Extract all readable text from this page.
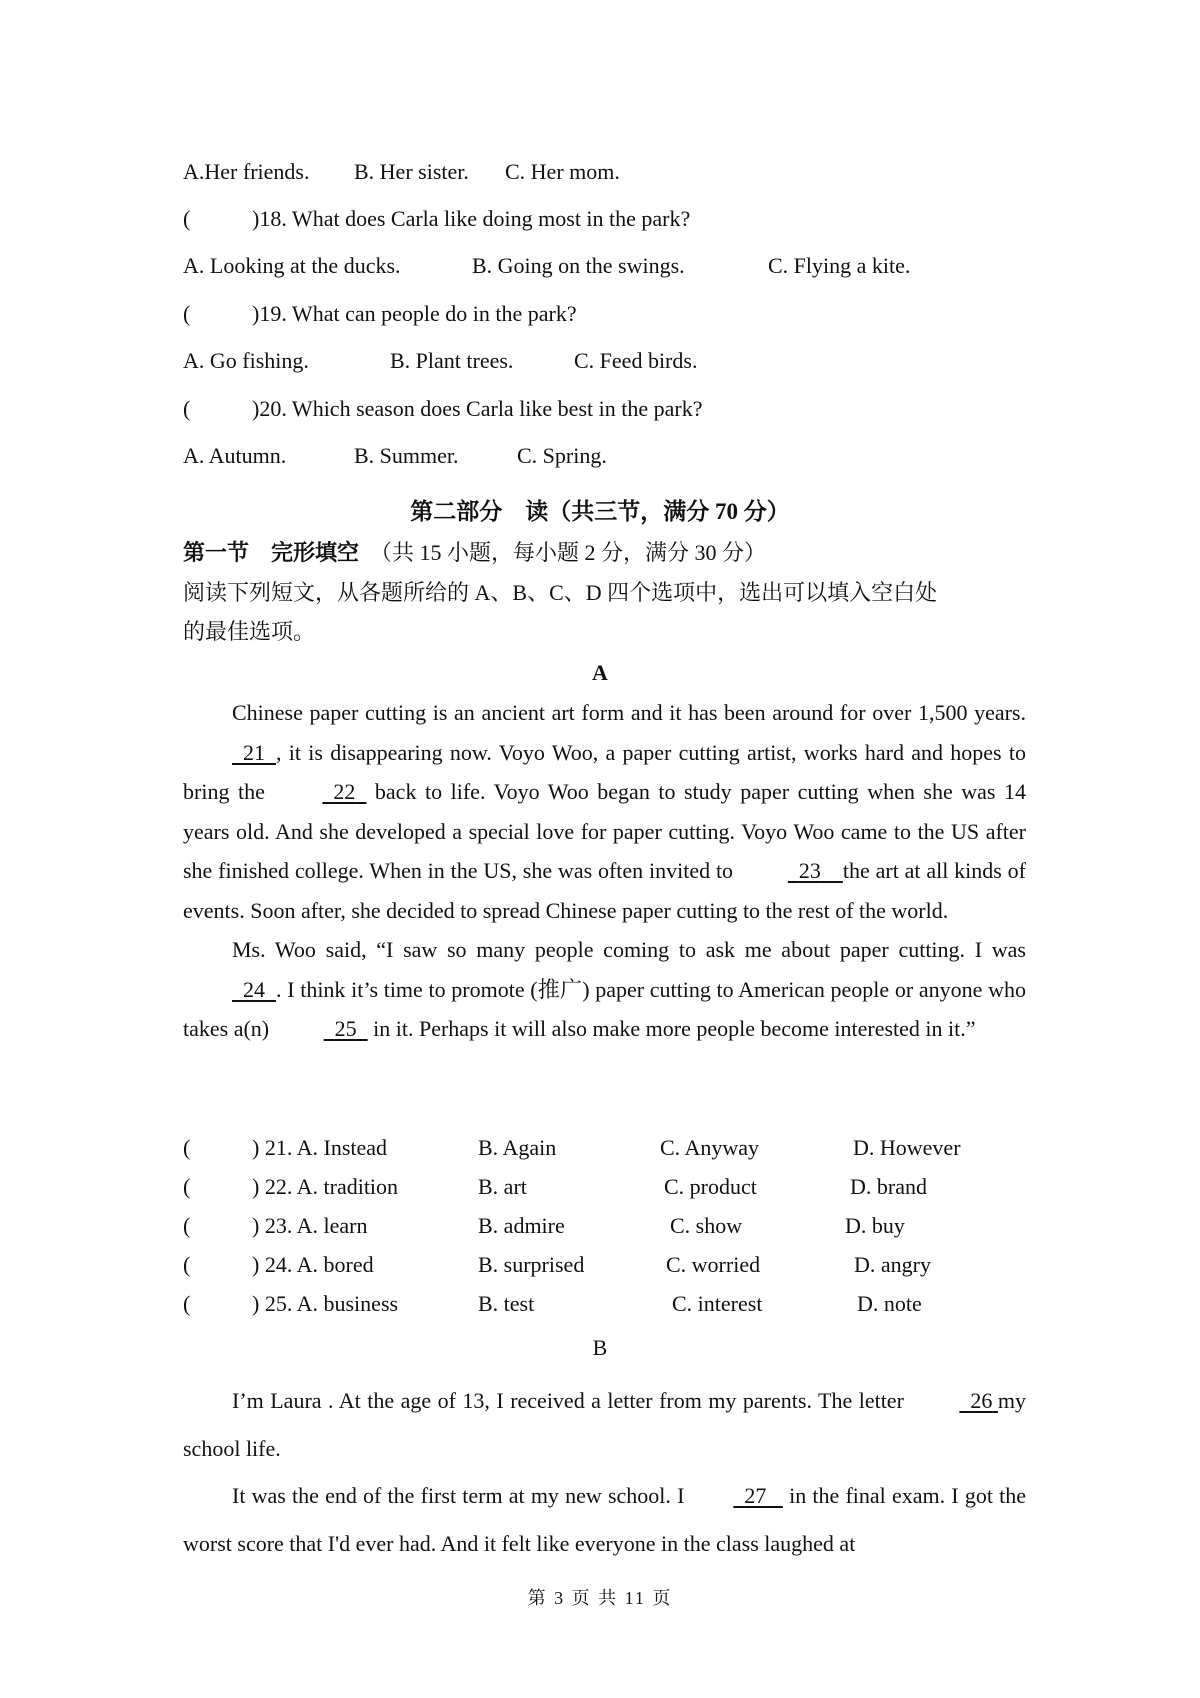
A.Her friends. B. Her sister. C. Her mom.
(	)18. What does Carla like doing most in the park?
A. Looking at the ducks.	B. Going on the swings.	C. Flying a kite.
(	)19. What can people do in the park?
A. Go fishing.	B. Plant trees.	C. Feed birds.
(	)20. Which season does Carla like best in the park?
A. Autumn.	B. Summer.	C. Spring.
第二部分　读（共三节，满分 70 分）
第一节　完形填空　（共 15 小题，每小题 2 分，满分 30 分）
阅读下列短文，从各题所给的 A、B、C、D 四个选项中，选出可以填入空白处
的最佳选项。
A

Chinese paper cutting is an ancient art form and it has been around for over 1,500 years.   21 , it is disappearing now. Voyo Woo, a paper cutting artist, works hard and hopes to bring the	22   back to life. Voyo Woo began to study paper cutting when she was 14 years old. And she developed a special love for paper cutting. Voyo Woo came to the US after she finished college. When in the US, she was often invited to	23 the art at all kinds of events. Soon after, she decided to spread Chinese paper cutting to the rest of the world.

Ms. Woo said, “I saw so many people coming to ask me about paper cutting. I was   24 . I think it’s time to promote (推广) paper cutting to American people or anyone who takes a(n)	25   in it. Perhaps it will also make more people become interested in it.”

(	) 21. A. Instead	B. Again	C. Anyway	D. However
(	) 22. A. tradition	B. art	C. product	D. brand
(	) 23. A. learn	B. admire	C. show	D. buy
(	) 24. A. bored	B. surprised	C. worried	D. angry
(	) 25. A. business	B. test	C. interest	D. note
B

I’m Laura . At the age of 13, I received a letter from my parents. The letter	26 my school life.

It was the end of the first term at my new school. I	27    in the final exam. I got the worst score that I'd ever had. And it felt like everyone in the class laughed at

第 3 页 共 11 页
